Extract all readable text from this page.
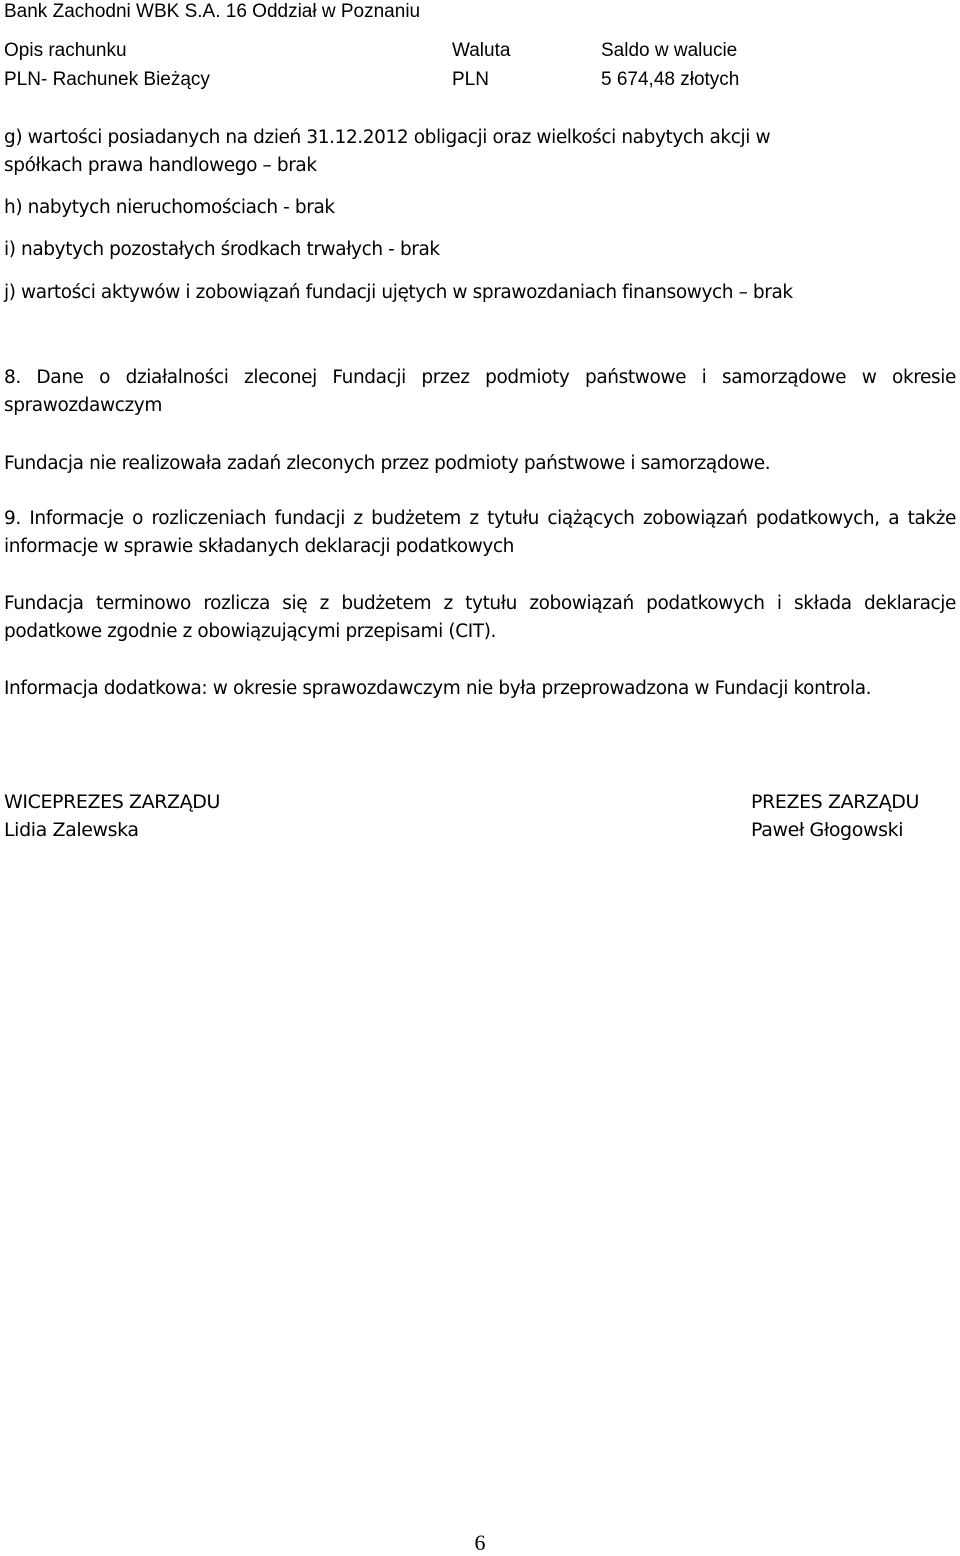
Bank Zachodni WBK S.A. 16 Oddział w Poznaniu
Opis rachunku	Waluta	Saldo w walucie
PLN- Rachunek Bieżący	PLN	5 674,48 złotych
g) wartości posiadanych na dzień 31.12.2012 obligacji oraz wielkości nabytych akcji w spółkach prawa handlowego – brak
h) nabytych nieruchomościach - brak
i) nabytych pozostałych środkach trwałych - brak
j) wartości aktywów i zobowiązań fundacji ujętych w sprawozdaniach finansowych – brak
8. Dane o działalności zleconej Fundacji przez podmioty państwowe i samorządowe w okresie sprawozdawczym
Fundacja nie realizowała zadań zleconych przez podmioty państwowe i samorządowe.
9. Informacje o rozliczeniach fundacji z budżetem z tytułu ciążących zobowiązań podatkowych, a także informacje w sprawie składanych deklaracji podatkowych
Fundacja terminowo rozlicza się z budżetem z tytułu zobowiązań podatkowych i składa deklaracje podatkowe zgodnie z obowiązującymi przepisami (CIT).
Informacja dodatkowa: w okresie sprawozdawczym nie była przeprowadzona w Fundacji kontrola.
WICEPREZES ZARZĄDU
Lidia Zalewska
PREZES ZARZĄDU
Paweł Głogowski
6
